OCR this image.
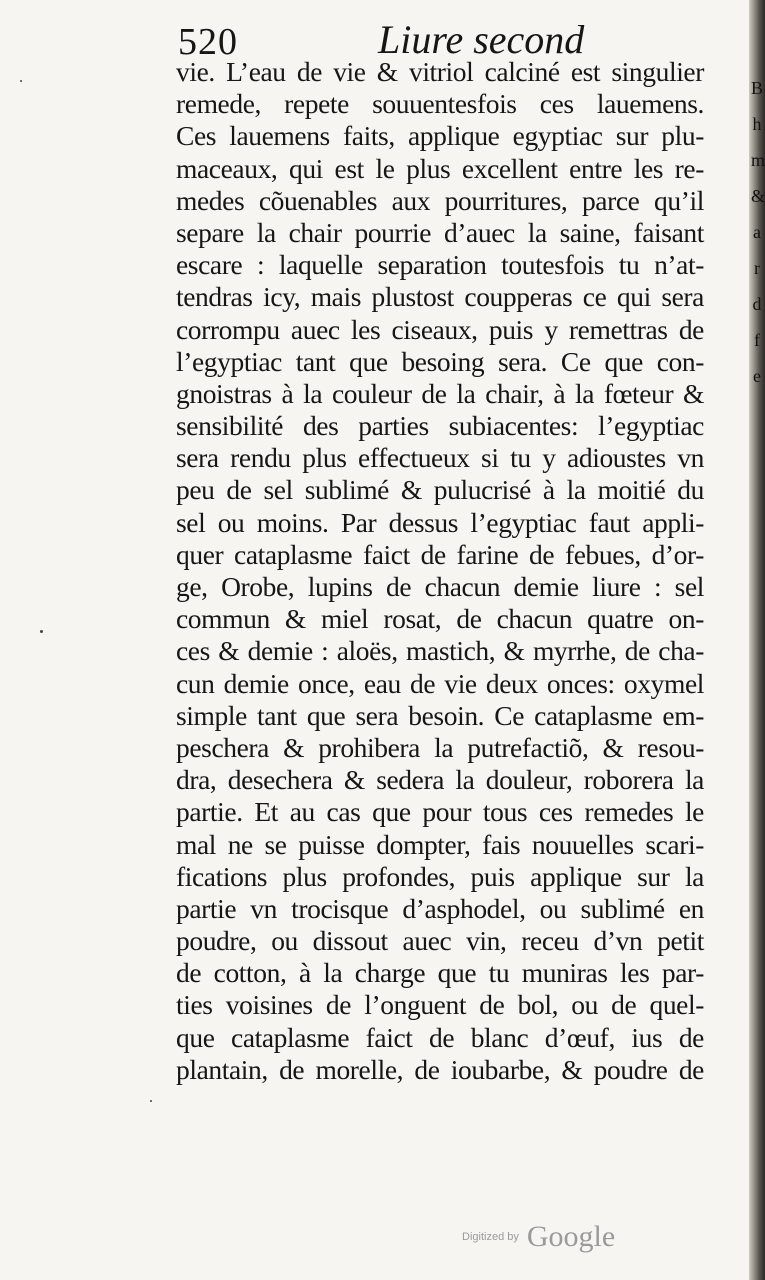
B
h
m
&
a
r
d
f
e
520	Liure second
vie. L’eau de vie & vitriol calciné est singulier
remede, repete souuentesfois ces lauemens.
Ces lauemens faits, applique egyptiac sur plu-
maceaux, qui est le plus excellent entre les re-
medes cõuenables aux pourritures, parce qu’il
separe la chair pourrie d’auec la saine, faisant
escare : laquelle separation toutesfois tu n’at-
tendras icy, mais plustost coupperas ce qui sera
corrompu auec les ciseaux, puis y remettras de
l’egyptiac tant que besoing sera. Ce que con-
gnoistras à la couleur de la chair, à la fœteur &
sensibilité des parties subiacentes: l’egyptiac
sera rendu plus effectueux si tu y adioustes vn
peu de sel sublimé & pulucrisé à la moitié du
sel ou moins. Par dessus l’egyptiac faut appli-
quer cataplasme faict de farine de febues, d’or-
ge, Orobe, lupins de chacun demie liure : sel
commun & miel rosat, de chacun quatre on-
ces & demie : aloës, mastich, & myrrhe, de cha-
cun demie once, eau de vie deux onces: oxymel
simple tant que sera besoin. Ce cataplasme em-
peschera & prohibera la putrefactiõ, & resou-
dra, desechera & sedera la douleur, roborera la
partie. Et au cas que pour tous ces remedes le
mal ne se puisse dompter, fais nouuelles scari-
fications plus profondes, puis applique sur la
partie vn trocisque d’asphodel, ou sublimé en
poudre, ou dissout auec vin, receu d’vn petit
de cotton, à la charge que tu muniras les par-
ties voisines de l’onguent de bol, ou de quel-
que cataplasme faict de blanc d’œuf, ius de
plantain, de morelle, de ioubarbe, & poudre de
Digitized by Google
